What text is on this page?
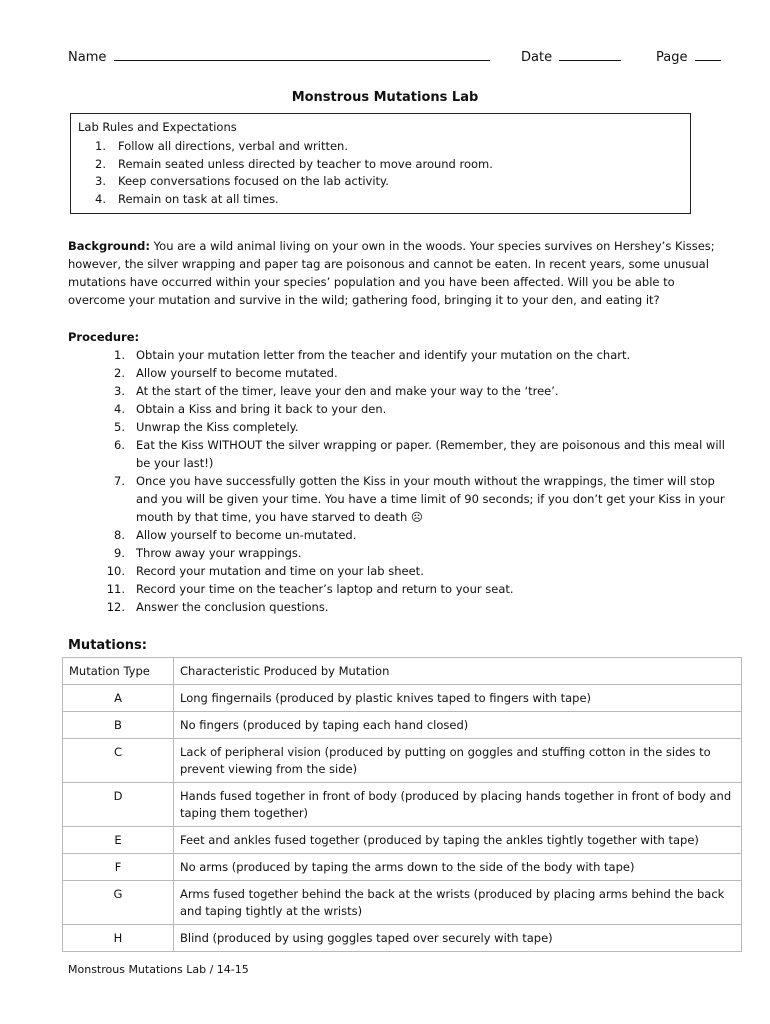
Name	Date	Page
Monstrous Mutations Lab
Lab Rules and Expectations
1.	Follow all directions, verbal and written.
2.	Remain seated unless directed by teacher to move around room.
3.	Keep conversations focused on the lab activity.
4.	Remain on task at all times.
Background: You are a wild animal living on your own in the woods. Your species survives on Hershey’s Kisses; however, the silver wrapping and paper tag are poisonous and cannot be eaten. In recent years, some unusual mutations have occurred within your species’ population and you have been affected. Will you be able to overcome your mutation and survive in the wild; gathering food, bringing it to your den, and eating it?
Procedure:
1. Obtain your mutation letter from the teacher and identify your mutation on the chart.
2. Allow yourself to become mutated.
3. At the start of the timer, leave your den and make your way to the ‘tree’.
4. Obtain a Kiss and bring it back to your den.
5. Unwrap the Kiss completely.
6. Eat the Kiss WITHOUT the silver wrapping or paper. (Remember, they are poisonous and this meal will be your last!)
7. Once you have successfully gotten the Kiss in your mouth without the wrappings, the timer will stop and you will be given your time. You have a time limit of 90 seconds; if you don’t get your Kiss in your mouth by that time, you have starved to death ☹
8. Allow yourself to become un-mutated.
9. Throw away your wrappings.
10. Record your mutation and time on your lab sheet.
11. Record your time on the teacher’s laptop and return to your seat.
12. Answer the conclusion questions.
Mutations:
Mutation Type	Characteristic Produced by Mutation
A	Long fingernails (produced by plastic knives taped to fingers with tape)
B	No fingers (produced by taping each hand closed)
C	Lack of peripheral vision (produced by putting on goggles and stuffing cotton in the sides to prevent viewing from the side)
D	Hands fused together in front of body (produced by placing hands together in front of body and taping them together)
E	Feet and ankles fused together (produced by taping the ankles tightly together with tape)
F	No arms (produced by taping the arms down to the side of the body with tape)
G	Arms fused together behind the back at the wrists (produced by placing arms behind the back and taping tightly at the wrists)
H	Blind (produced by using goggles taped over securely with tape)
Monstrous Mutations Lab / 14-15
